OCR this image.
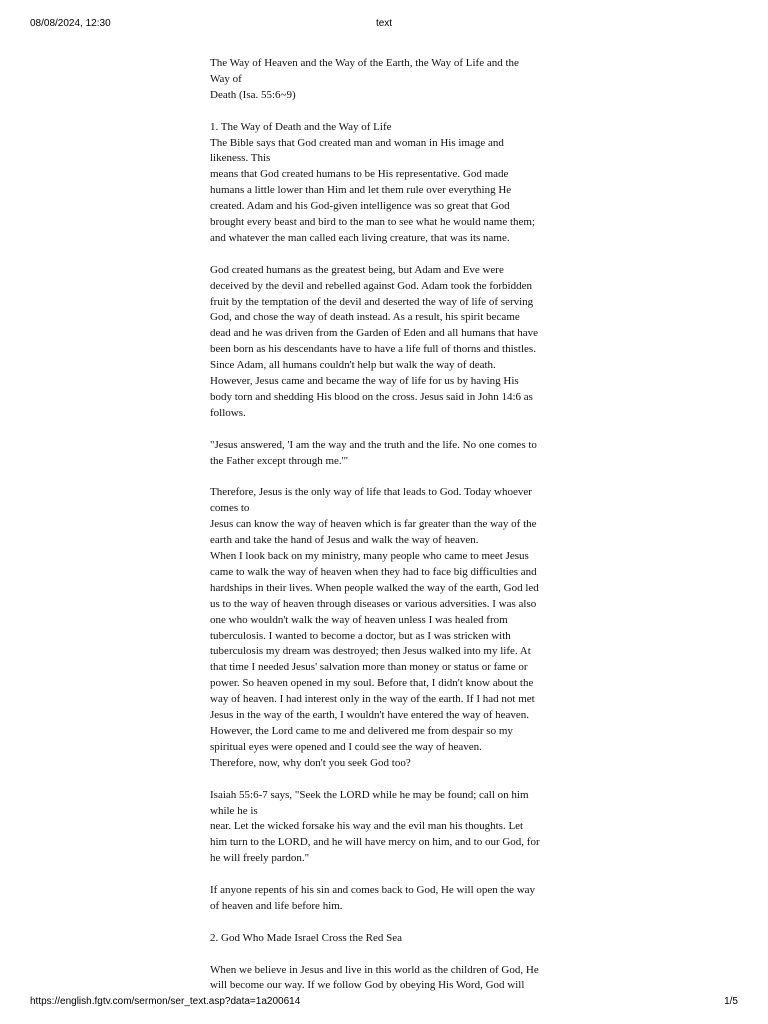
08/08/2024, 12:30	text
The Way of Heaven and the Way of the Earth, the Way of Life and the
Way of
Death (Isa. 55:6~9)
1. The Way of Death and the Way of Life
The Bible says that God created man and woman in His image and
likeness. This
means that God created humans to be His representative. God made
humans a little lower than Him and let them rule over everything He
created. Adam and his God-given intelligence was so great that God
brought every beast and bird to the man to see what he would name them;
and whatever the man called each living creature, that was its name.
God created humans as the greatest being, but Adam and Eve were
deceived by the devil and rebelled against God. Adam took the forbidden
fruit by the temptation of the devil and deserted the way of life of serving
God, and chose the way of death instead. As a result, his spirit became
dead and he was driven from the Garden of Eden and all humans that have
been born as his descendants have to have a life full of thorns and thistles.
Since Adam, all humans couldn't help but walk the way of death.
However, Jesus came and became the way of life for us by having His
body torn and shedding His blood on the cross. Jesus said in John 14:6 as
follows.
"Jesus answered, 'I am the way and the truth and the life. No one comes to
the Father except through me.'"
Therefore, Jesus is the only way of life that leads to God. Today whoever
comes to
Jesus can know the way of heaven which is far greater than the way of the
earth and take the hand of Jesus and walk the way of heaven.
When I look back on my ministry, many people who came to meet Jesus
came to walk the way of heaven when they had to face big difficulties and
hardships in their lives. When people walked the way of the earth, God led
us to the way of heaven through diseases or various adversities. I was also
one who wouldn't walk the way of heaven unless I was healed from
tuberculosis. I wanted to become a doctor, but as I was stricken with
tuberculosis my dream was destroyed; then Jesus walked into my life. At
that time I needed Jesus' salvation more than money or status or fame or
power. So heaven opened in my soul. Before that, I didn't know about the
way of heaven. I had interest only in the way of the earth. If I had not met
Jesus in the way of the earth, I wouldn't have entered the way of heaven.
However, the Lord came to me and delivered me from despair so my
spiritual eyes were opened and I could see the way of heaven.
Therefore, now, why don't you seek God too?
Isaiah 55:6-7 says, "Seek the LORD while he may be found; call on him
while he is
near. Let the wicked forsake his way and the evil man his thoughts. Let
him turn to the LORD, and he will have mercy on him, and to our God, for
he will freely pardon."
If anyone repents of his sin and comes back to God, He will open the way
of heaven and life before him.
2. God Who Made Israel Cross the Red Sea
When we believe in Jesus and live in this world as the children of God, He
will become our way. If we follow God by obeying His Word, God will
https://english.fgtv.com/sermon/ser_text.asp?data=1a200614	1/5
